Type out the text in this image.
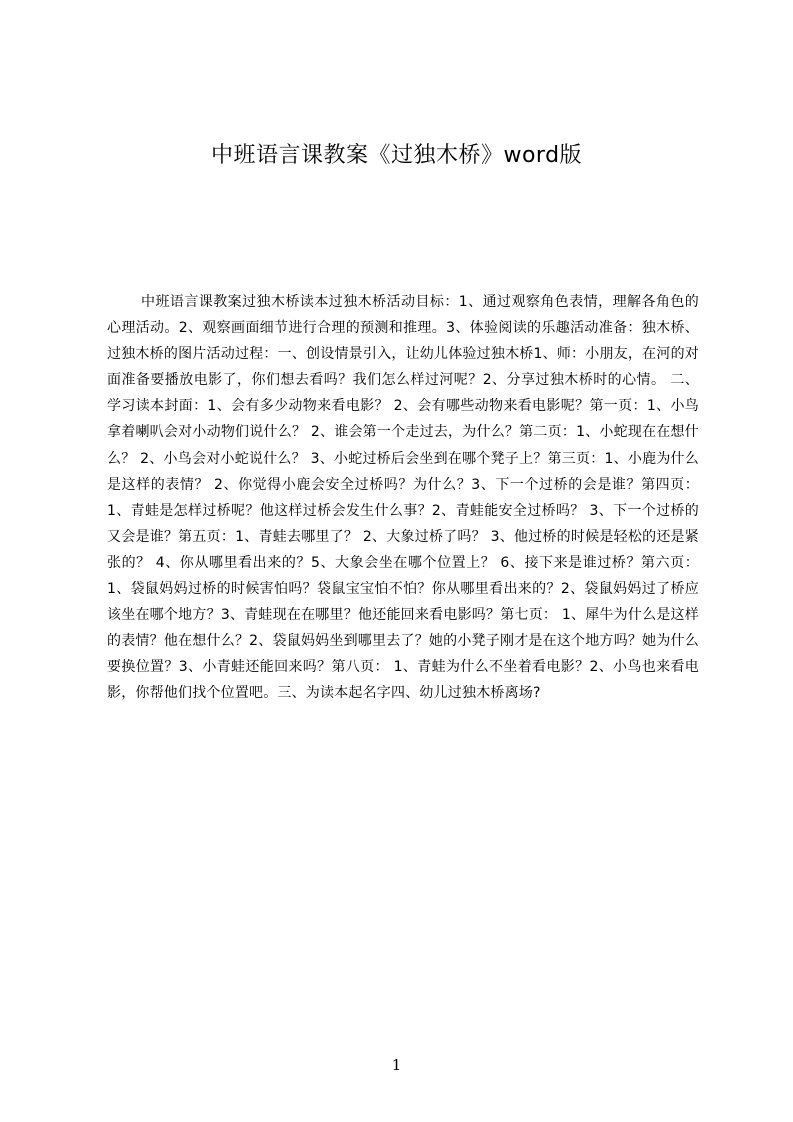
中班语言课教案《过独木桥》word版

中班语言课教案过独木桥读本过独木桥活动目标：1、通过观察角色表情，理解各角色的心理活动。2、观察画面细节进行合理的预测和推理。3、体验阅读的乐趣活动准备：独木桥、过独木桥的图片活动过程：一、创设情景引入，让幼儿体验过独木桥1、师：小朋友，在河的对面准备要播放电影了，你们想去看吗？我们怎么样过河呢？2、分享过独木桥时的心情。 二、学习读本封面：1、会有多少动物来看电影？ 2、会有哪些动物来看电影呢？第一页：1、小鸟拿着喇叭会对小动物们说什么？ 2、谁会第一个走过去，为什么？第二页：1、小蛇现在在想什么？ 2、小鸟会对小蛇说什么？ 3、小蛇过桥后会坐到在哪个凳子上？第三页：1、小鹿为什么是这样的表情？ 2、你觉得小鹿会安全过桥吗？为什么？3、下一个过桥的会是谁？第四页： 1、青蛙是怎样过桥呢？他这样过桥会发生什么事？2、青蛙能安全过桥吗？ 3、下一个过桥的又会是谁？第五页：1、青蛙去哪里了？ 2、大象过桥了吗？ 3、他过桥的时候是轻松的还是紧张的？ 4、你从哪里看出来的？5、大象会坐在哪个位置上？ 6、接下来是谁过桥？第六页： 1、袋鼠妈妈过桥的时候害怕吗？袋鼠宝宝怕不怕？你从哪里看出来的？2、袋鼠妈妈过了桥应该坐在哪个地方？3、青蛙现在在哪里？他还能回来看电影吗？第七页： 1、犀牛为什么是这样的表情？他在想什么？2、袋鼠妈妈坐到哪里去了？她的小凳子刚才是在这个地方吗？她为什么要换位置？3、小青蛙还能回来吗？第八页： 1、青蛙为什么不坐着看电影？2、小鸟也来看电影，你帮他们找个位置吧。三、为读本起名字四、幼儿过独木桥离场?

1
